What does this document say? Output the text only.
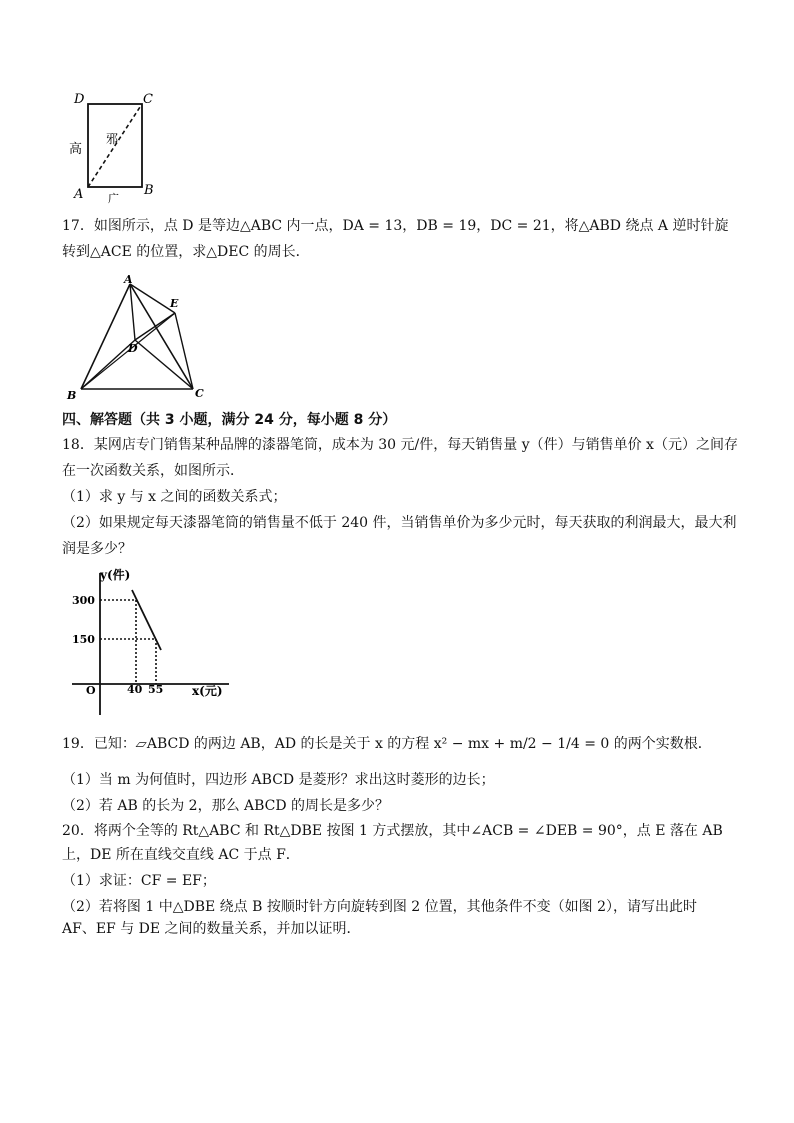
D	C
A	B
高
邪
广
17．如图所示，点 D 是等边△ABC 内一点，DA = 13，DB = 19，DC = 21，将△ABD 绕点 A 逆时针旋
转到△ACE 的位置，求△DEC 的周长．
A
E
D
B	C
四、解答题（共 3 小题，满分 24 分，每小题 8 分）
18．某网店专门销售某种品牌的漆器笔筒，成本为 30 元/件，每天销售量 y（件）与销售单价 x（元）之间存
在一次函数关系，如图所示．
（1）求 y 与 x 之间的函数关系式；
（2）如果规定每天漆器笔筒的销售量不低于 240 件，当销售单价为多少元时，每天获取的利润最大，最大利
润是多少？
y(件)
300
150
O	40 55 x(元)
19．已知：▱ABCD 的两边 AB，AD 的长是关于 x 的方程 x² − mx + m/2 − 1/4 = 0 的两个实数根．
（1）当 m 为何值时，四边形 ABCD 是菱形？求出这时菱形的边长；
（2）若 AB 的长为 2，那么 ABCD 的周长是多少？
20．将两个全等的 Rt△ABC 和 Rt△DBE 按图 1 方式摆放，其中∠ACB = ∠DEB = 90°，点 E 落在 AB
上，DE 所在直线交直线 AC 于点 F．
（1）求证：CF = EF；
（2）若将图 1 中△DBE 绕点 B 按顺时针方向旋转到图 2 位置，其他条件不变（如图 2），请写出此时
AF、EF 与 DE 之间的数量关系，并加以证明．
